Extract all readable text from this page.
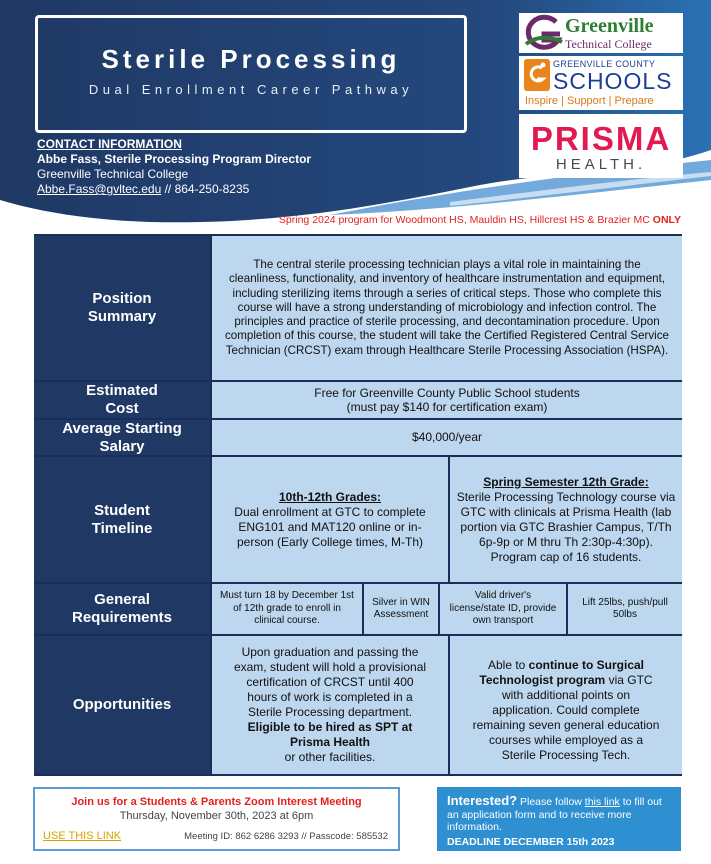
Sterile Processing
Dual Enrollment Career Pathway
CONTACT INFORMATION
Abbe Fass, Sterile Processing Program Director
Greenville Technical College
Abbe.Fass@gvltec.edu // 864-250-8235
Greenville
Technical College
GREENVILLE COUNTY
SCHOOLS
Inspire | Support | Prepare
PRISMA
HEALTH.
Spring 2024 program for Woodmont HS, Mauldin HS, Hillcrest HS & Brazier MC ONLY
Position Summary
The central sterile processing technician plays a vital role in maintaining the cleanliness, functionality, and inventory of healthcare instrumentation and equipment, including sterilizing items through a series of critical steps. Those who complete this course will have a strong understanding of microbiology and infection control. The principles and practice of sterile processing, and decontamination procedure. Upon completion of this course, the student will take the Certified Registered Central Service Technician (CRCST) exam through Healthcare Sterile Processing Association (HSPA).
Estimated Cost
Free for Greenville County Public School students
(must pay $140 for certification exam)
Average Starting Salary
$40,000/year
Student Timeline
10th-12th Grades:
Dual enrollment at GTC to complete ENG101 and MAT120 online or in-person (Early College times, M-Th)
Spring Semester 12th Grade:
Sterile Processing Technology course via GTC with clinicals at Prisma Health (lab portion via GTC Brashier Campus, T/Th 6p-9p or M thru Th 2:30p-4:30p). Program cap of 16 students.
General Requirements
Must turn 18 by December 1st of 12th grade to enroll in clinical course.
Silver in WIN Assessment
Valid driver's license/state ID, provide own transport
Lift 25lbs, push/pull 50lbs
Opportunities
Upon graduation and passing the exam, student will hold a provisional certification of CRCST until 400 hours of work is completed in a Sterile Processing department.
Eligible to be hired as SPT at Prisma Health
or other facilities.
Able to continue to Surgical Technologist program via GTC with additional points on application. Could complete remaining seven general education courses while employed as a Sterile Processing Tech.
Join us for a Students & Parents Zoom Interest Meeting
Thursday, November 30th, 2023 at 6pm
USE THIS LINK	Meeting ID: 862 6286 3293 // Passcode: 585532
Interested? Please follow this link to fill out an application form and to receive more information.
DEADLINE DECEMBER 15th 2023
